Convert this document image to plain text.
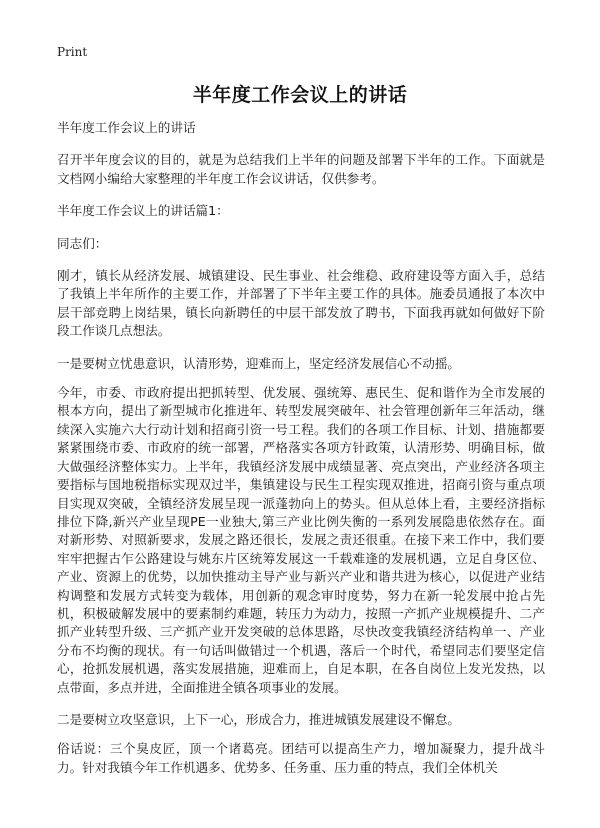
Print
半年度工作会议上的讲话

半年度工作会议上的讲话

召开半年度会议的目的，就是为总结我们上半年的问题及部署下半年的工作。下面就是文档网小编给大家整理的半年度工作会议讲话，仅供参考。

半年度工作会议上的讲话篇1：

同志们：

刚才，镇长从经济发展、城镇建设、民生事业、社会维稳、政府建设等方面入手，总结了我镇上半年所作的主要工作，并部署了下半年主要工作的具体。施委员通报了本次中层干部竞聘上岗结果，镇长向新聘任的中层干部发放了聘书，下面我再就如何做好下阶段工作谈几点想法。

一是要树立忧患意识，认清形势，迎难而上，坚定经济发展信心不动摇。

今年，市委、市政府提出把抓转型、优发展、强统筹、惠民生、促和谐作为全市发展的根本方向，提出了新型城市化推进年、转型发展突破年、社会管理创新年三年活动，继续深入实施六大行动计划和招商引资一号工程。我们的各项工作目标、计划、措施都要紧紧围绕市委、市政府的统一部署，严格落实各项方针政策，认清形势、明确目标，做大做强经济整体实力。上半年，我镇经济发展中成绩显著、亮点突出，产业经济各项主要指标与国地税指标实现双过半，集镇建设与民生工程实现双推进，招商引资与重点项目实现双突破，全镇经济发展呈现一派蓬勃向上的势头。但从总体上看，主要经济指标排位下降,新兴产业呈现PE一业独大,第三产业比例失衡的一系列发展隐患依然存在。面对新形势、对照新要求，发展之路还很长，发展之责还很重。在接下来工作中，我们要牢牢把握古乍公路建设与姚东片区统筹发展这一千载难逢的发展机遇，立足自身区位、产业、资源上的优势，以加快推动主导产业与新兴产业和谐共进为核心，以促进产业结构调整和发展方式转变为载体，用创新的观念审时度势，努力在新一轮发展中抢占先机，积极破解发展中的要素制约难题，转压力为动力，按照一产抓产业规模提升、二产抓产业转型升级、三产抓产业开发突破的总体思路，尽快改变我镇经济结构单一、产业分布不均衡的现状。有一句话叫做错过一个机遇，落后一个时代，希望同志们要坚定信心，抢抓发展机遇，落实发展措施，迎难而上，自足本职，在各自岗位上发光发热，以点带面，多点并进，全面推进全镇各项事业的发展。

二是要树立攻坚意识，上下一心，形成合力，推进城镇发展建设不懈怠。

俗话说：三个臭皮匠，顶一个诸葛亮。团结可以提高生产力，增加凝聚力，提升战斗力。针对我镇今年工作机遇多、优势多、任务重、压力重的特点，我们全体机关
